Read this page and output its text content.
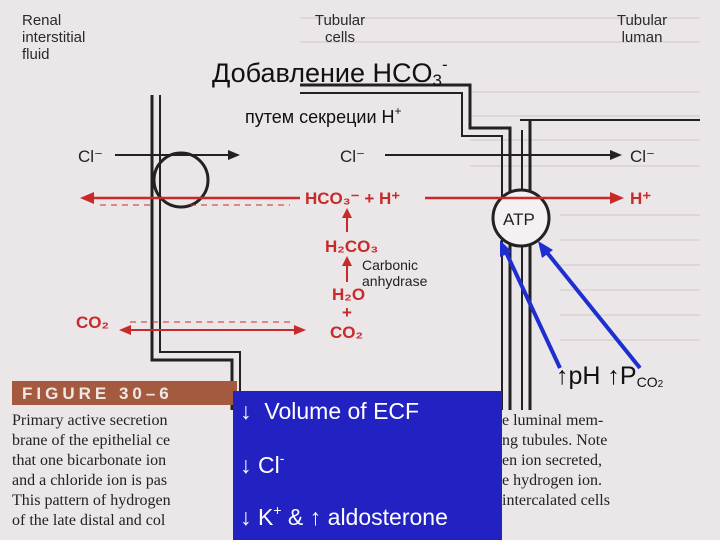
Cl⁻	Cl⁻	Cl⁻
HCO₃⁻ + H⁺	H⁺
ATP
H₂CO₃
Carbonic
anhydrase
H₂O
+
CO₂
CO₂
FIGURE 30–6
Renal
interstitial
fluid
Tubular
cells
Tubular
luman
Добавление $HCO_3^-$
путем секреции H+
Primary active secretion
brane of the epithelial ce
that one bicarbonate ion
and a chloride ion is pas
This pattern of hydrogen
of the late distal and col
e luminal mem-
ng tubules. Note
en ion secreted,
e hydrogen ion.
intercalated cells
↑pH $↑P_{CO2}$
↓ Volume of ECF
↓ Cl-
↓ K+ & ↑ aldosterone
